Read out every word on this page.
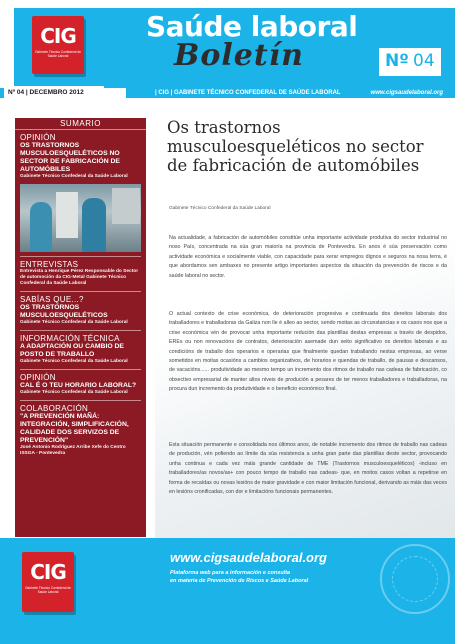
CIG
Gabinete Técnico Confederal de Saúde Laboral
Saúde laboral
Boletín	Nº 04
Nº 04 | DECEMBRO 2012	| CIG | GABINETE TÉCNICO CONFEDERAL DE SAÚDE LABORAL	www.cigsaudelaboral.org
SUMARIO
OPINIÓN
OS TRASTORNOS MUSCULOESQUELÉTICOS NO SECTOR DE FABRICACIÓN DE AUTOMÓBILES
Gabinete Técnico Confederal da Saúde Laboral
ENTREVISTAS
Entrevista a Henrique Pérez Responsable do Sector de automoción da CIG-Metal Gabinete Técnico Confederal da Saúde Laboral
SABÍAS QUE...?
OS TRASTORNOS MUSCULOESQUELÉTICOS
Gabinete Técnico Confederal da Saúde Laboral
INFORMACIÓN TÉCNICA
A ADAPTACIÓN OU CAMBIO DE POSTO DE TRABALLO
Gabinete Técnico Confederal da Saúde Laboral
OPINIÓN
CAL É O TEU HORARIO LABORAL?
Gabinete Técnico Confederal da Saúde Laboral
COLABORACIÓN
"A PREVENCIÓN MAÑÁ: INTEGRACIÓN, SIMPLIFICACIÓN, CALIDADE DOS SERVIZOS DE PREVENCIÓN"
José Antonio Rodríguez Arribe Xefe do Centro ISSGA - Pontevedra
Os trastornos musculoesqueléticos no sector de fabricación de automóbiles
Gabinete Técnico Confederal da Saúde Laboral
Na actualidade, a fabricación de automóbiles constitúe unha importante actividade produtiva do sector industrial no noso País, concentrada na súa gran maioría na provincia de Pontevedra. En anos é súa preservación como actividade económica e socialmente viable, con capacidade para xerar empregos dignos e seguros na nosa terra, é que abordamos sen ambaxes no presente artigo importantes aspectos da situación da prevención de riscos e da saúde laboral no sector.
O actual contexto de crise económica, de deterioración progresiva e continuada dos dereitos laborais dos traballadores e traballadoras da Galiza non lle é alleo ao sector, sendo moitas as circunstancias e os casos nos que a crise económica vén de provocar unha importante redución das plantillas destas empresas a través de despidos, EREs ou non renovacións de contratos, deterioración asemade dun xeito significativo os dereitos laborais e as condicións de traballo dos operarios e operarias que finalmente quedan traballando nestas empresas, ao verse sometidos en moitas ocasións a cambios organizativos, de horarios e quendas de traballo, de pausas e descansos, de vacacións...... produtividade ao mesmo tempo un incremento dos ritmos de traballo nas cadeas de fabricación, co obxectivo empresarial de manter altos niveis de produción a pesares de ter menos traballadores e traballadoras, na procura dun incremento da produtividade e o beneficio económico final.
Esta situación permanente e consolidada nos últimos anos, de notable incremento dos ritmos de traballo nas cadeas de produción, vén pofiendo ao límite da súa resistencia a unha gran parte das plantillas deste sector, provocando unha continua e cada vez máis grande cantidade de TME (Trastornos musculoesqueléticos) -incluso en traballadores/as novos/as+ con pouco tempo de traballo nas cadeas- que, en moitos casos voltan a repetirse en forma de recaídas ou novas lesións de maior gravidade e con maior limitación funcional, derivando as máis das veces en lesións cronificadas, con dor e limitacións funcionais permanentes.
CIG
Gabinete Técnico Confederal de Saúde Laboral
www.cigsaudelaboral.org
Plataforma web para a información e consulta
en materia de Prevención de Riscos e Saúde Laboral
